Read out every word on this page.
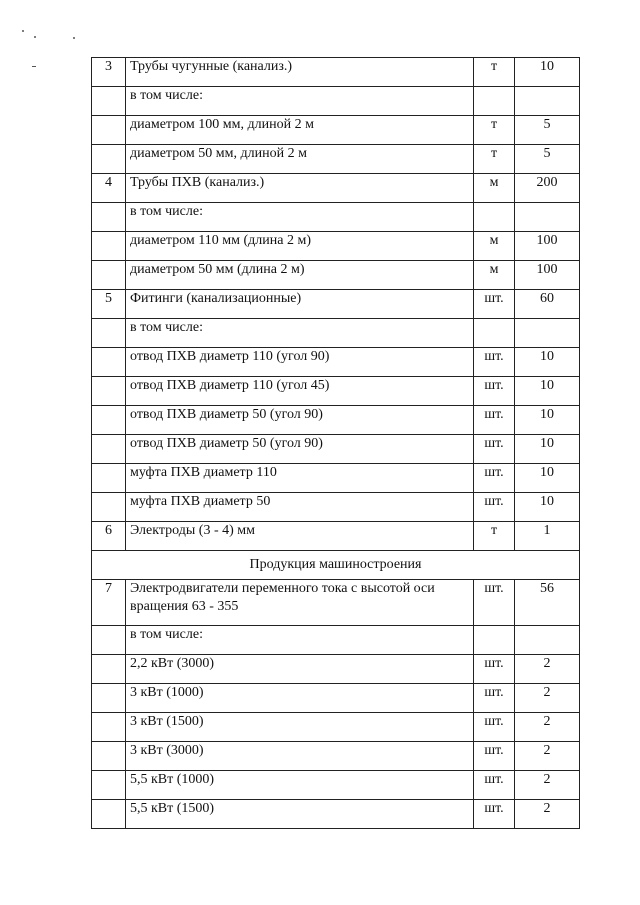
3	Трубы чугунные (канализ.)	т	10
	в том числе:		
	диаметром 100 мм, длиной 2 м	т	5
	диаметром 50 мм, длиной 2 м	т	5
4	Трубы ПХВ (канализ.)	м	200
	в том числе:		
	диаметром 110 мм (длина 2 м)	м	100
	диаметром 50 мм (длина 2 м)	м	100
5	Фитинги (канализационные)	шт.	60
	в том числе:		
	отвод ПХВ диаметр 110 (угол 90)	шт.	10
	отвод ПХВ диаметр 110 (угол 45)	шт.	10
	отвод ПХВ диаметр 50 (угол 90)	шт.	10
	отвод ПХВ диаметр 50 (угол 90)	шт.	10
	муфта ПХВ диаметр 110	шт.	10
	муфта ПХВ диаметр 50	шт.	10
6	Электроды (3 - 4) мм	т	1
Продукция машиностроения			
7	Электродвигатели переменного тока с высотой оси вращения 63 - 355	шт.	56
	в том числе:		
	2,2 кВт (3000)	шт.	2
	3 кВт (1000)	шт.	2
	3 кВт (1500)	шт.	2
	3 кВт (3000)	шт.	2
	5,5 кВт (1000)	шт.	2
	5,5 кВт (1500)	шт.	2
